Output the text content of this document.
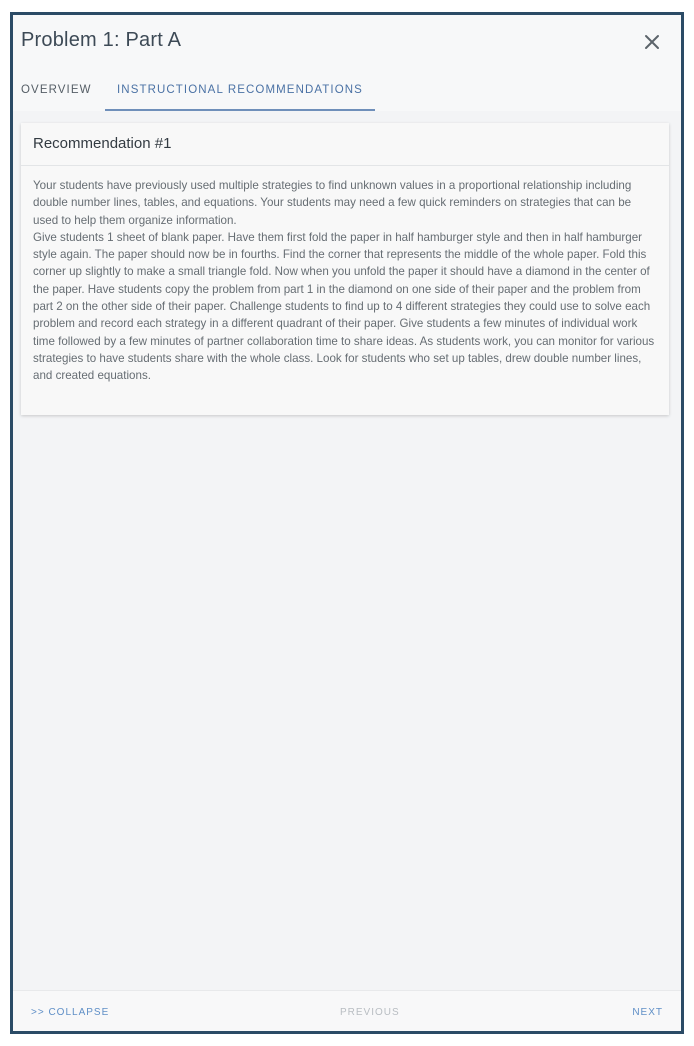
Problem 1: Part A
OVERVIEW	INSTRUCTIONAL RECOMMENDATIONS
Recommendation #1

Your students have previously used multiple strategies to find unknown values in a proportional relationship including double number lines, tables, and equations. Your students may need a few quick reminders on strategies that can be used to help them organize information.

Give students 1 sheet of blank paper. Have them first fold the paper in half hamburger style and then in half hamburger style again. The paper should now be in fourths. Find the corner that represents the middle of the whole paper. Fold this corner up slightly to make a small triangle fold. Now when you unfold the paper it should have a diamond in the center of the paper. Have students copy the problem from part 1 in the diamond on one side of their paper and the problem from part 2 on the other side of their paper. Challenge students to find up to 4 different strategies they could use to solve each problem and record each strategy in a different quadrant of their paper. Give students a few minutes of individual work time followed by a few minutes of partner collaboration time to share ideas. As students work, you can monitor for various strategies to have students share with the whole class. Look for students who set up tables, drew double number lines, and created equations.

>> COLLAPSE	PREVIOUS	NEXT
